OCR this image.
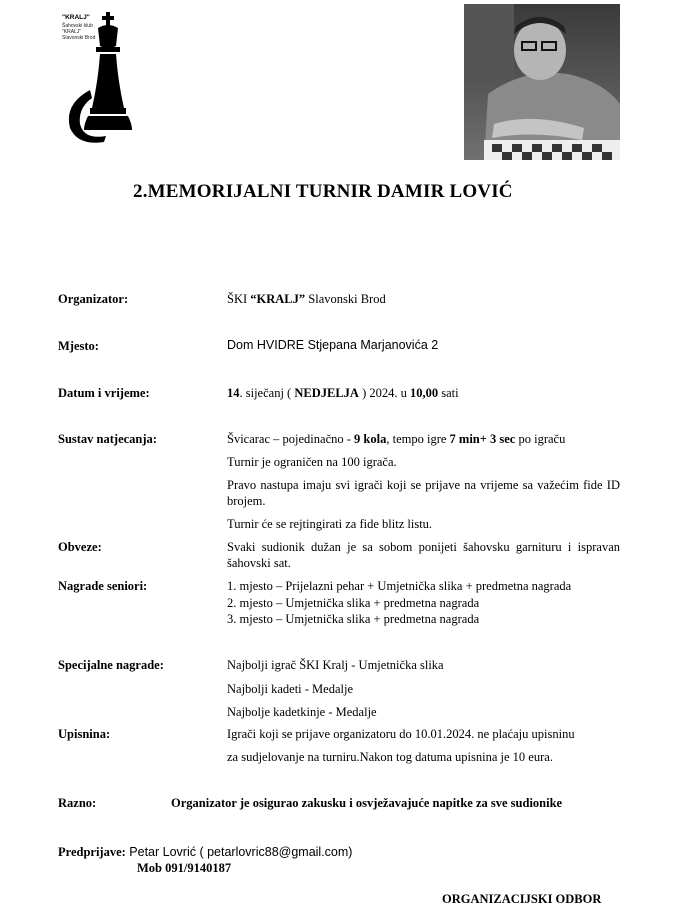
"KRALJ"
Šahovski klub
"KRALJ"
Slavonski Brod
2.MEMORIJALNI TURNIR DAMIR LOVIĆ
Organizator:	ŠKI “KRALJ” Slavonski Brod
Mjesto:	Dom HVIDRE Stjepana Marjanovića 2
Datum i vrijeme:	14. siječanj ( NEDJELJA ) 2024. u 10,00 sati
Sustav natjecanja:	Švicarac – pojedinačno - 9 kola, tempo igre 7 min+ 3 sec po igraču
Turnir je ograničen na 100 igrača.
Pravo nastupa imaju svi igrači koji se prijave na vrijeme sa važećim fide ID brojem.
Turnir će se rejtingirati za fide blitz listu.
Obveze:	Svaki sudionik dužan je sa sobom ponijeti šahovsku garnituru i ispravan šahovski sat.
Nagrade seniori:	1. mjesto – Prijelazni pehar + Umjetnička slika + predmetna nagrada
2. mjesto – Umjetnička slika + predmetna nagrada
3. mjesto – Umjetnička slika + predmetna nagrada
Specijalne nagrade:	Najbolji igrač ŠKI Kralj - Umjetnička slika
Najbolji kadeti - Medalje
Najbolje kadetkinje - Medalje
Upisnina:	Igrači koji se prijave organizatoru do 10.01.2024. ne plaćaju upisninu
za sudjelovanje na turniru.Nakon tog datuma upisnina je 10 eura.
Razno:	Organizator je osigurao zakusku i osvježavajuće napitke za sve sudionike
Predprijave: Petar Lovrić ( petarlovric88@gmail.com)
Mob 091/9140187
ORGANIZACIJSKI ODBOR
